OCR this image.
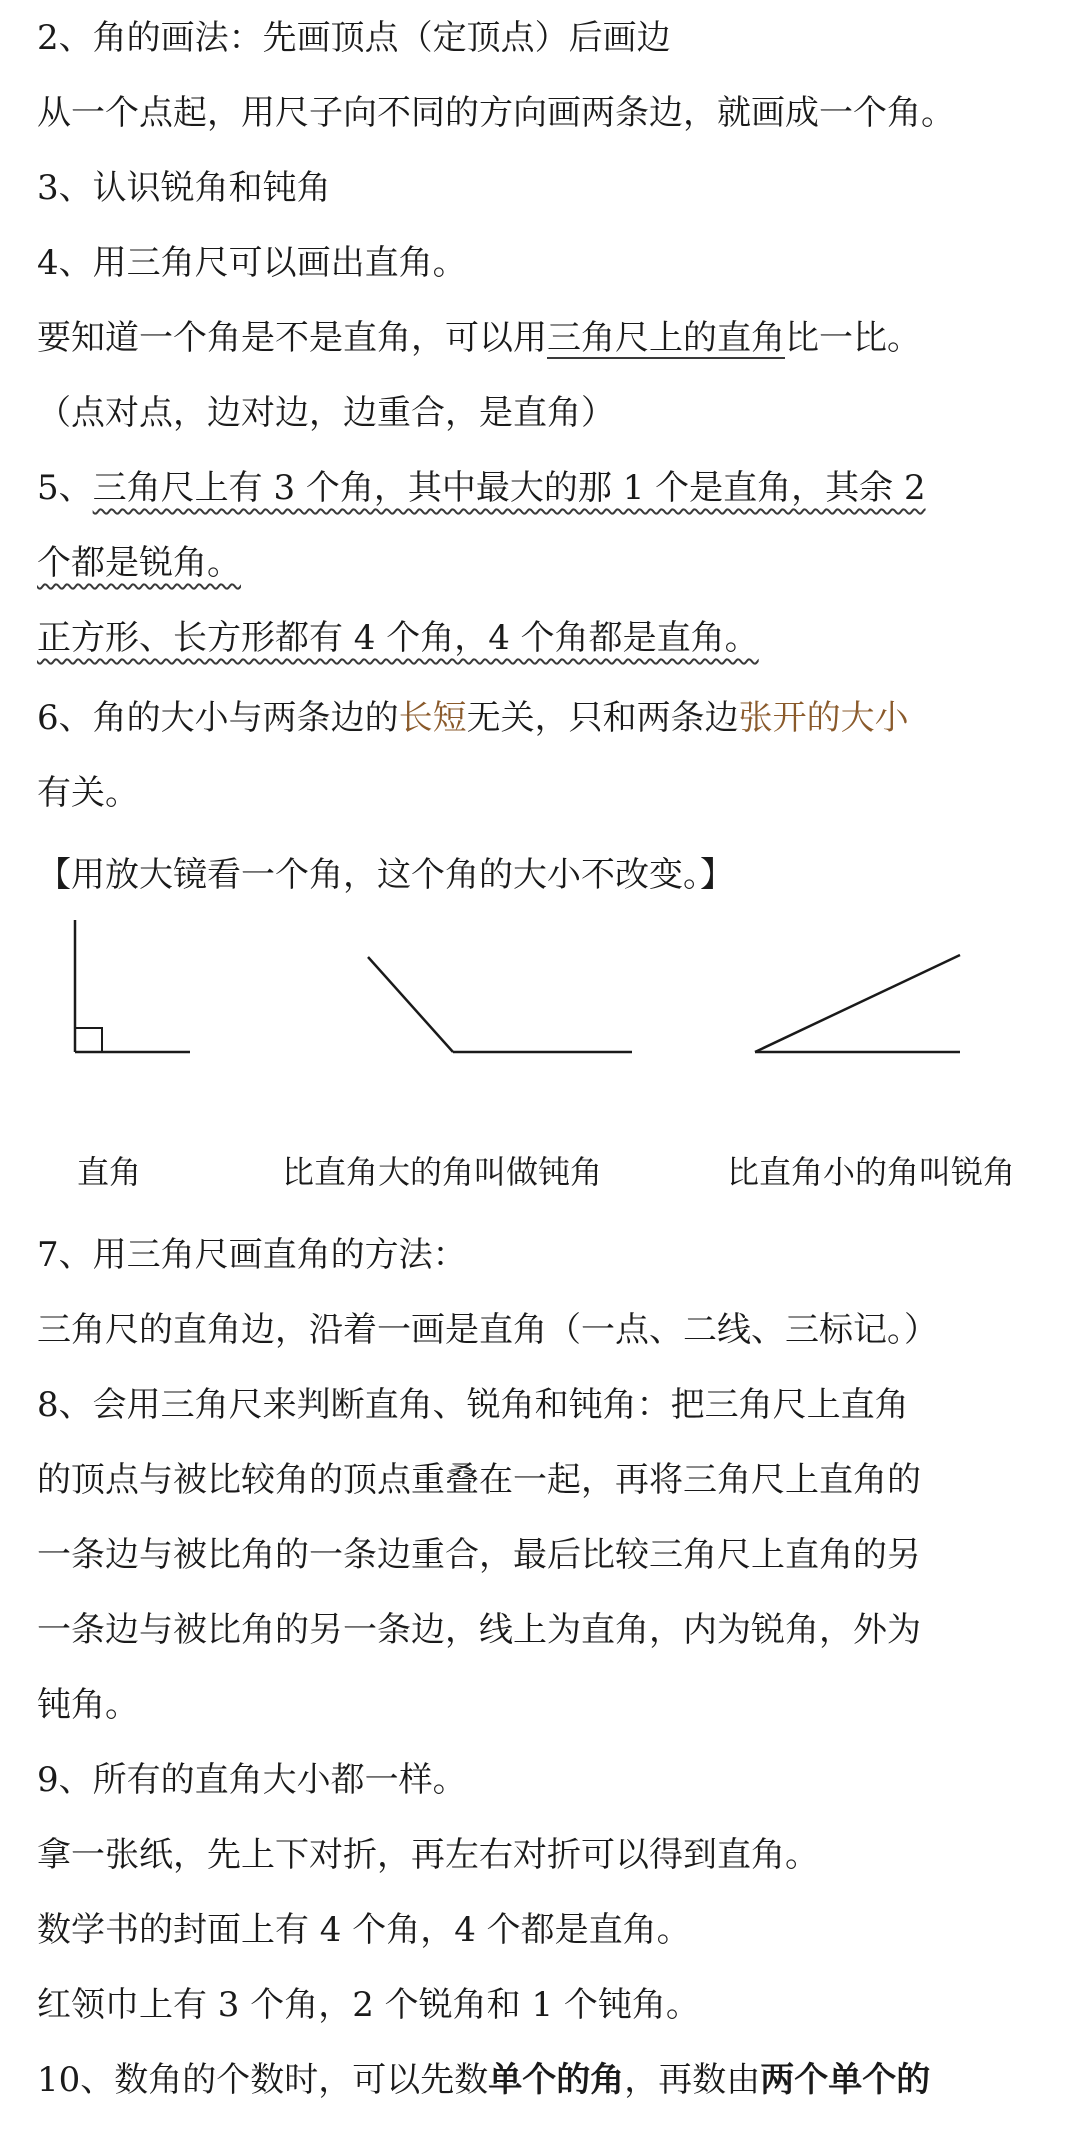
2、角的画法：先画顶点（定顶点）后画边
从一个点起，用尺子向不同的方向画两条边，就画成一个角。
3、认识锐角和钝角
4、用三角尺可以画出直角。
要知道一个角是不是直角，可以用三角尺上的直角比一比。
（点对点，边对边，边重合，是直角）
5、三角尺上有 3 个角，其中最大的那 1 个是直角，其余 2
个都是锐角。
正方形、长方形都有 4 个角，4 个角都是直角。
6、角的大小与两条边的长短无关，只和两条边张开的大小
有关。
【用放大镜看一个角，这个角的大小不改变。】
直角	比直角大的角叫做钝角	比直角小的角叫锐角
7、用三角尺画直角的方法：
三角尺的直角边，沿着一画是直角（一点、二线、三标记。）
8、会用三角尺来判断直角、锐角和钝角：把三角尺上直角
的顶点与被比较角的顶点重叠在一起，再将三角尺上直角的
一条边与被比角的一条边重合，最后比较三角尺上直角的另
一条边与被比角的另一条边，线上为直角，内为锐角，外为
钝角。
9、所有的直角大小都一样。
拿一张纸，先上下对折，再左右对折可以得到直角。
数学书的封面上有 4 个角，4 个都是直角。
红领巾上有 3 个角，2 个锐角和 1 个钝角。
10、数角的个数时，可以先数单个的角，再数由两个单个的
